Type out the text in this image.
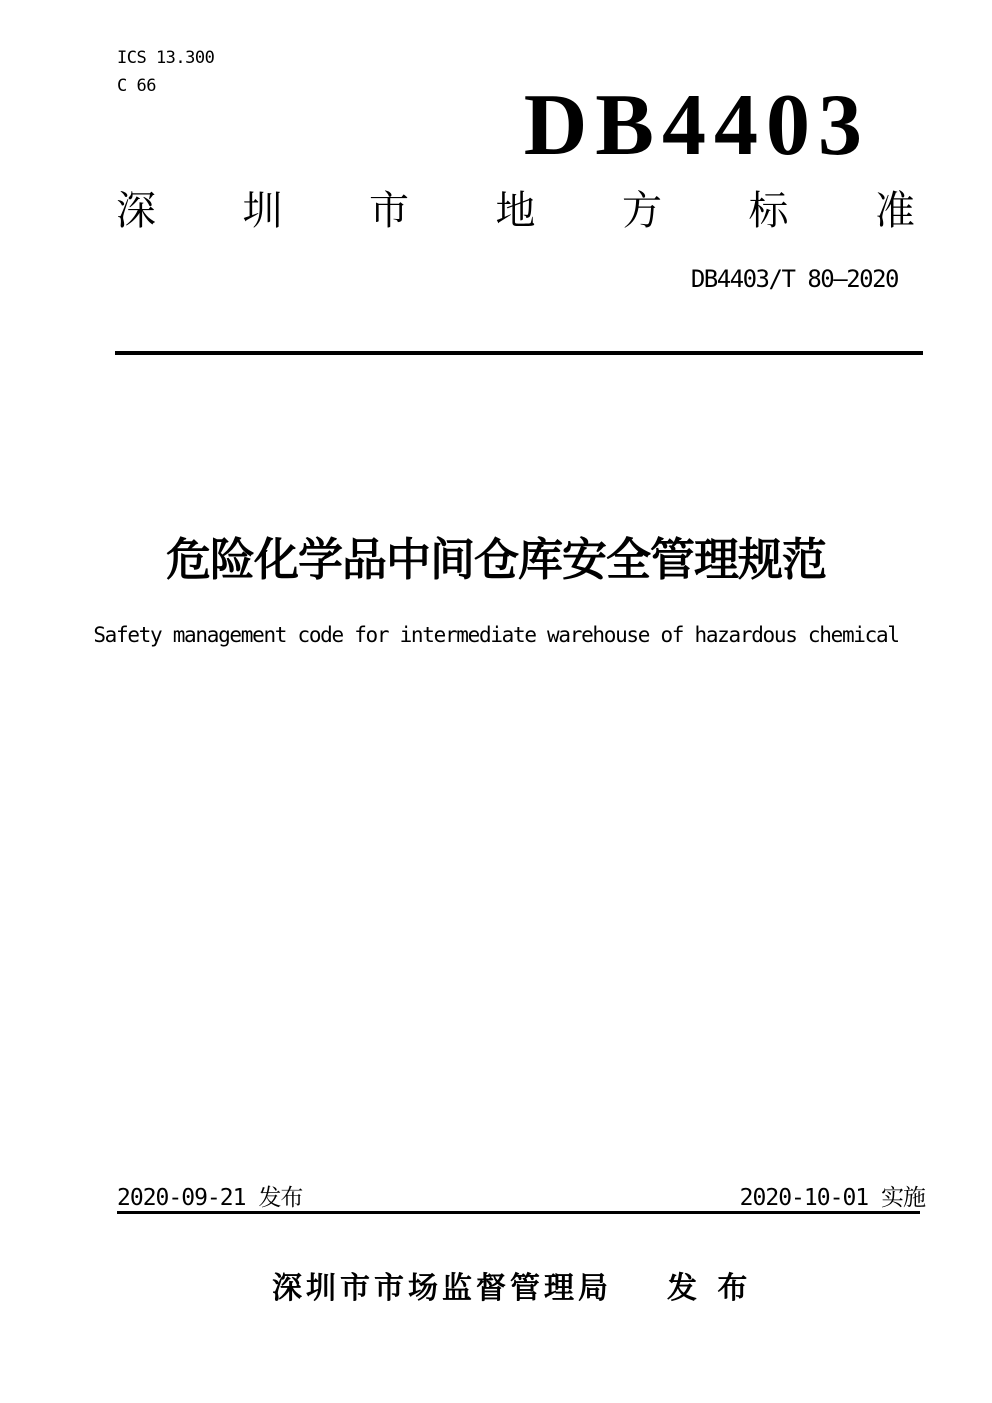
ICS 13.300
C 66	DB4403
深圳市地方标准
DB4403/T 80—2020
危险化学品中间仓库安全管理规范
Safety management code for intermediate warehouse of hazardous chemical
2020-09-21 发布	2020-10-01 实施
深圳市市场监督管理局 发 布
